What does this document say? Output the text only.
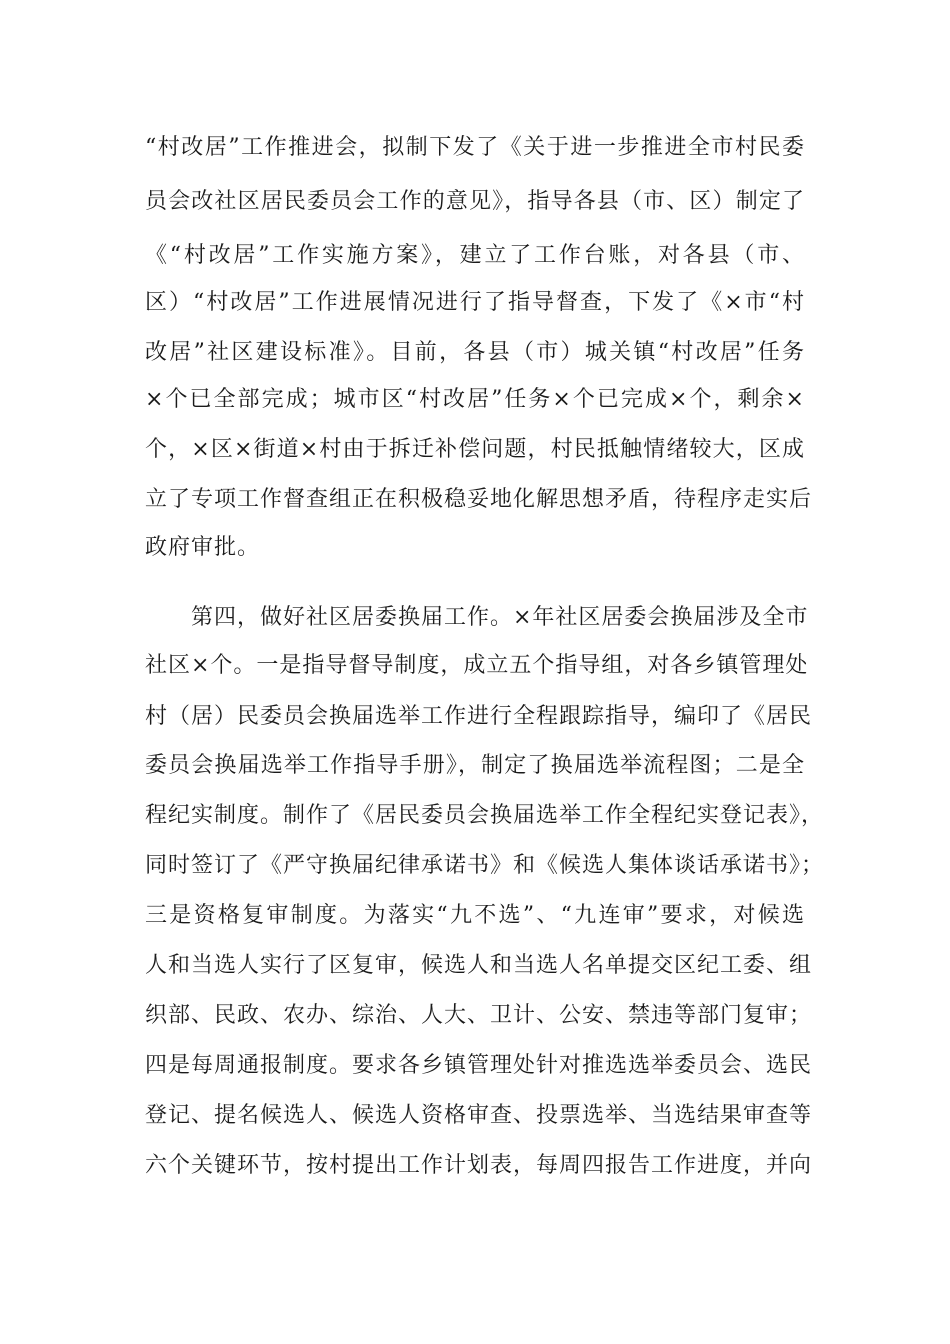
“村改居”工作推进会，拟制下发了《关于进一步推进全市村民委
员会改社区居民委员会工作的意见》，指导各县（市、区）制定了
《“村改居”工作实施方案》，建立了工作台账，对各县（市、
区）“村改居”工作进展情况进行了指导督查，下发了《×市“村
改居”社区建设标准》。目前，各县（市）城关镇“村改居”任务
×个已全部完成；城市区“村改居”任务×个已完成×个，剩余×
个，×区×街道×村由于拆迁补偿问题，村民抵触情绪较大，区成
立了专项工作督查组正在积极稳妥地化解思想矛盾，待程序走实后
政府审批。
第四，做好社区居委换届工作。×年社区居委会换届涉及全市
社区×个。一是指导督导制度，成立五个指导组，对各乡镇管理处
村（居）民委员会换届选举工作进行全程跟踪指导，编印了《居民
委员会换届选举工作指导手册》，制定了换届选举流程图；二是全
程纪实制度。制作了《居民委员会换届选举工作全程纪实登记表》，
同时签订了《严守换届纪律承诺书》和《候选人集体谈话承诺书》；
三是资格复审制度。为落实“九不选”、“九连审”要求，对候选
人和当选人实行了区复审，候选人和当选人名单提交区纪工委、组
织部、民政、农办、综治、人大、卫计、公安、禁违等部门复审；
四是每周通报制度。要求各乡镇管理处针对推选选举委员会、选民
登记、提名候选人、候选人资格审查、投票选举、当选结果审查等
六个关键环节，按村提出工作计划表，每周四报告工作进度，并向
